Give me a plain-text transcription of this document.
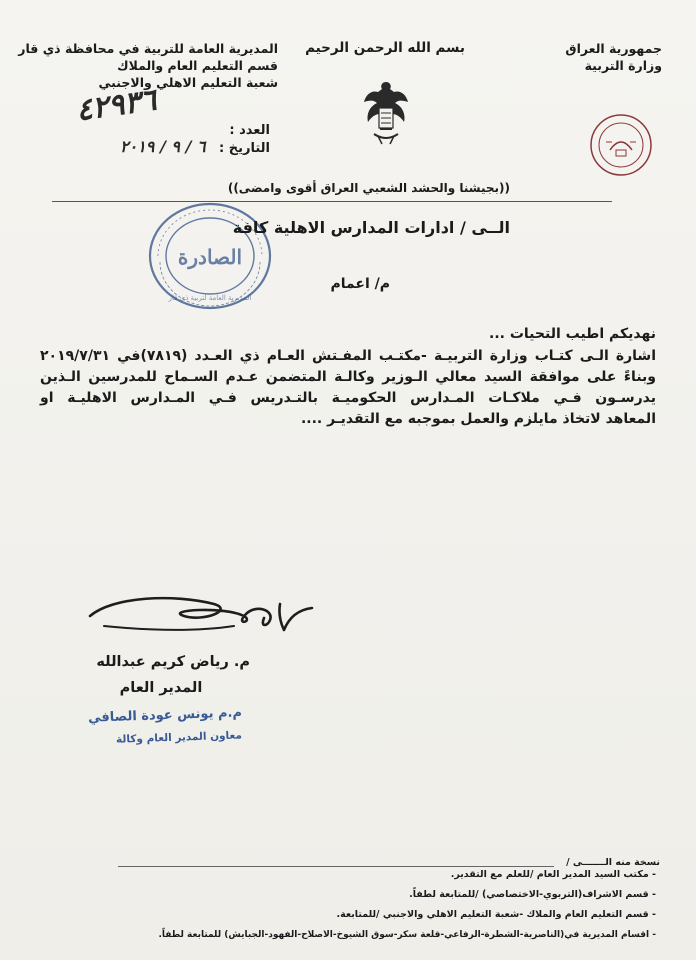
جمهورية العراق
وزارة التربية
بسم الله الرحمن الرحيم
المديرية العامة للتربية في محافظة ذي قار
قسم التعليم العام والملاك
شعبة التعليم الاهلي والاجنبي
العدد :
٤٢٩٣٦
التاريخ :
٦ / ٩ / ٢٠١٩
((بجيشنا والحشد الشعبي العراق أقوى وامضى))
الصادرة
المديرية العامة لتربية ذي قار
الــى / ادارات المدارس الاهلية كافة
م/ اعمام
نهديكم اطيب التحيات ...
اشارة الـى كتـاب وزارة التربيـة -مكتـب المفـتش العـام ذي العـدد (٧٨١٩)في ٢٠١٩/٧/٣١
وبناءً على موافقة السيد معالي الـوزير وكالـة المتضمن عـدم السـماح للمدرسين الـذين
يدرسـون فـي ملاكـات المـدارس الحكوميـة بالتـدريس فـي المـدارس الاهليـة او
المعاهد لاتخاذ مايلزم والعمل بموجبه مع التقديـر ....
م. رياض كريم عبدالله
المدير العام
م.م يونس عودة الصافي
معاون المدير العام وكالة
نسخة منه الـــــــى /
- مكتب السيد المدير العام /للعلم مع التقدير.
- قسم الاشراف(التربوي-الاختصاصي) /للمتابعة لطفاً.
- قسم التعليم العام والملاك -شعبة التعليم الاهلي والاجنبي /للمتابعة.
- اقسام المديرية في(الناصرية-الشطرة-الرفاعي-قلعة سكر-سوق الشيوخ-الاصلاح-الفهود-الجبايش) للمتابعة لطفاً.
